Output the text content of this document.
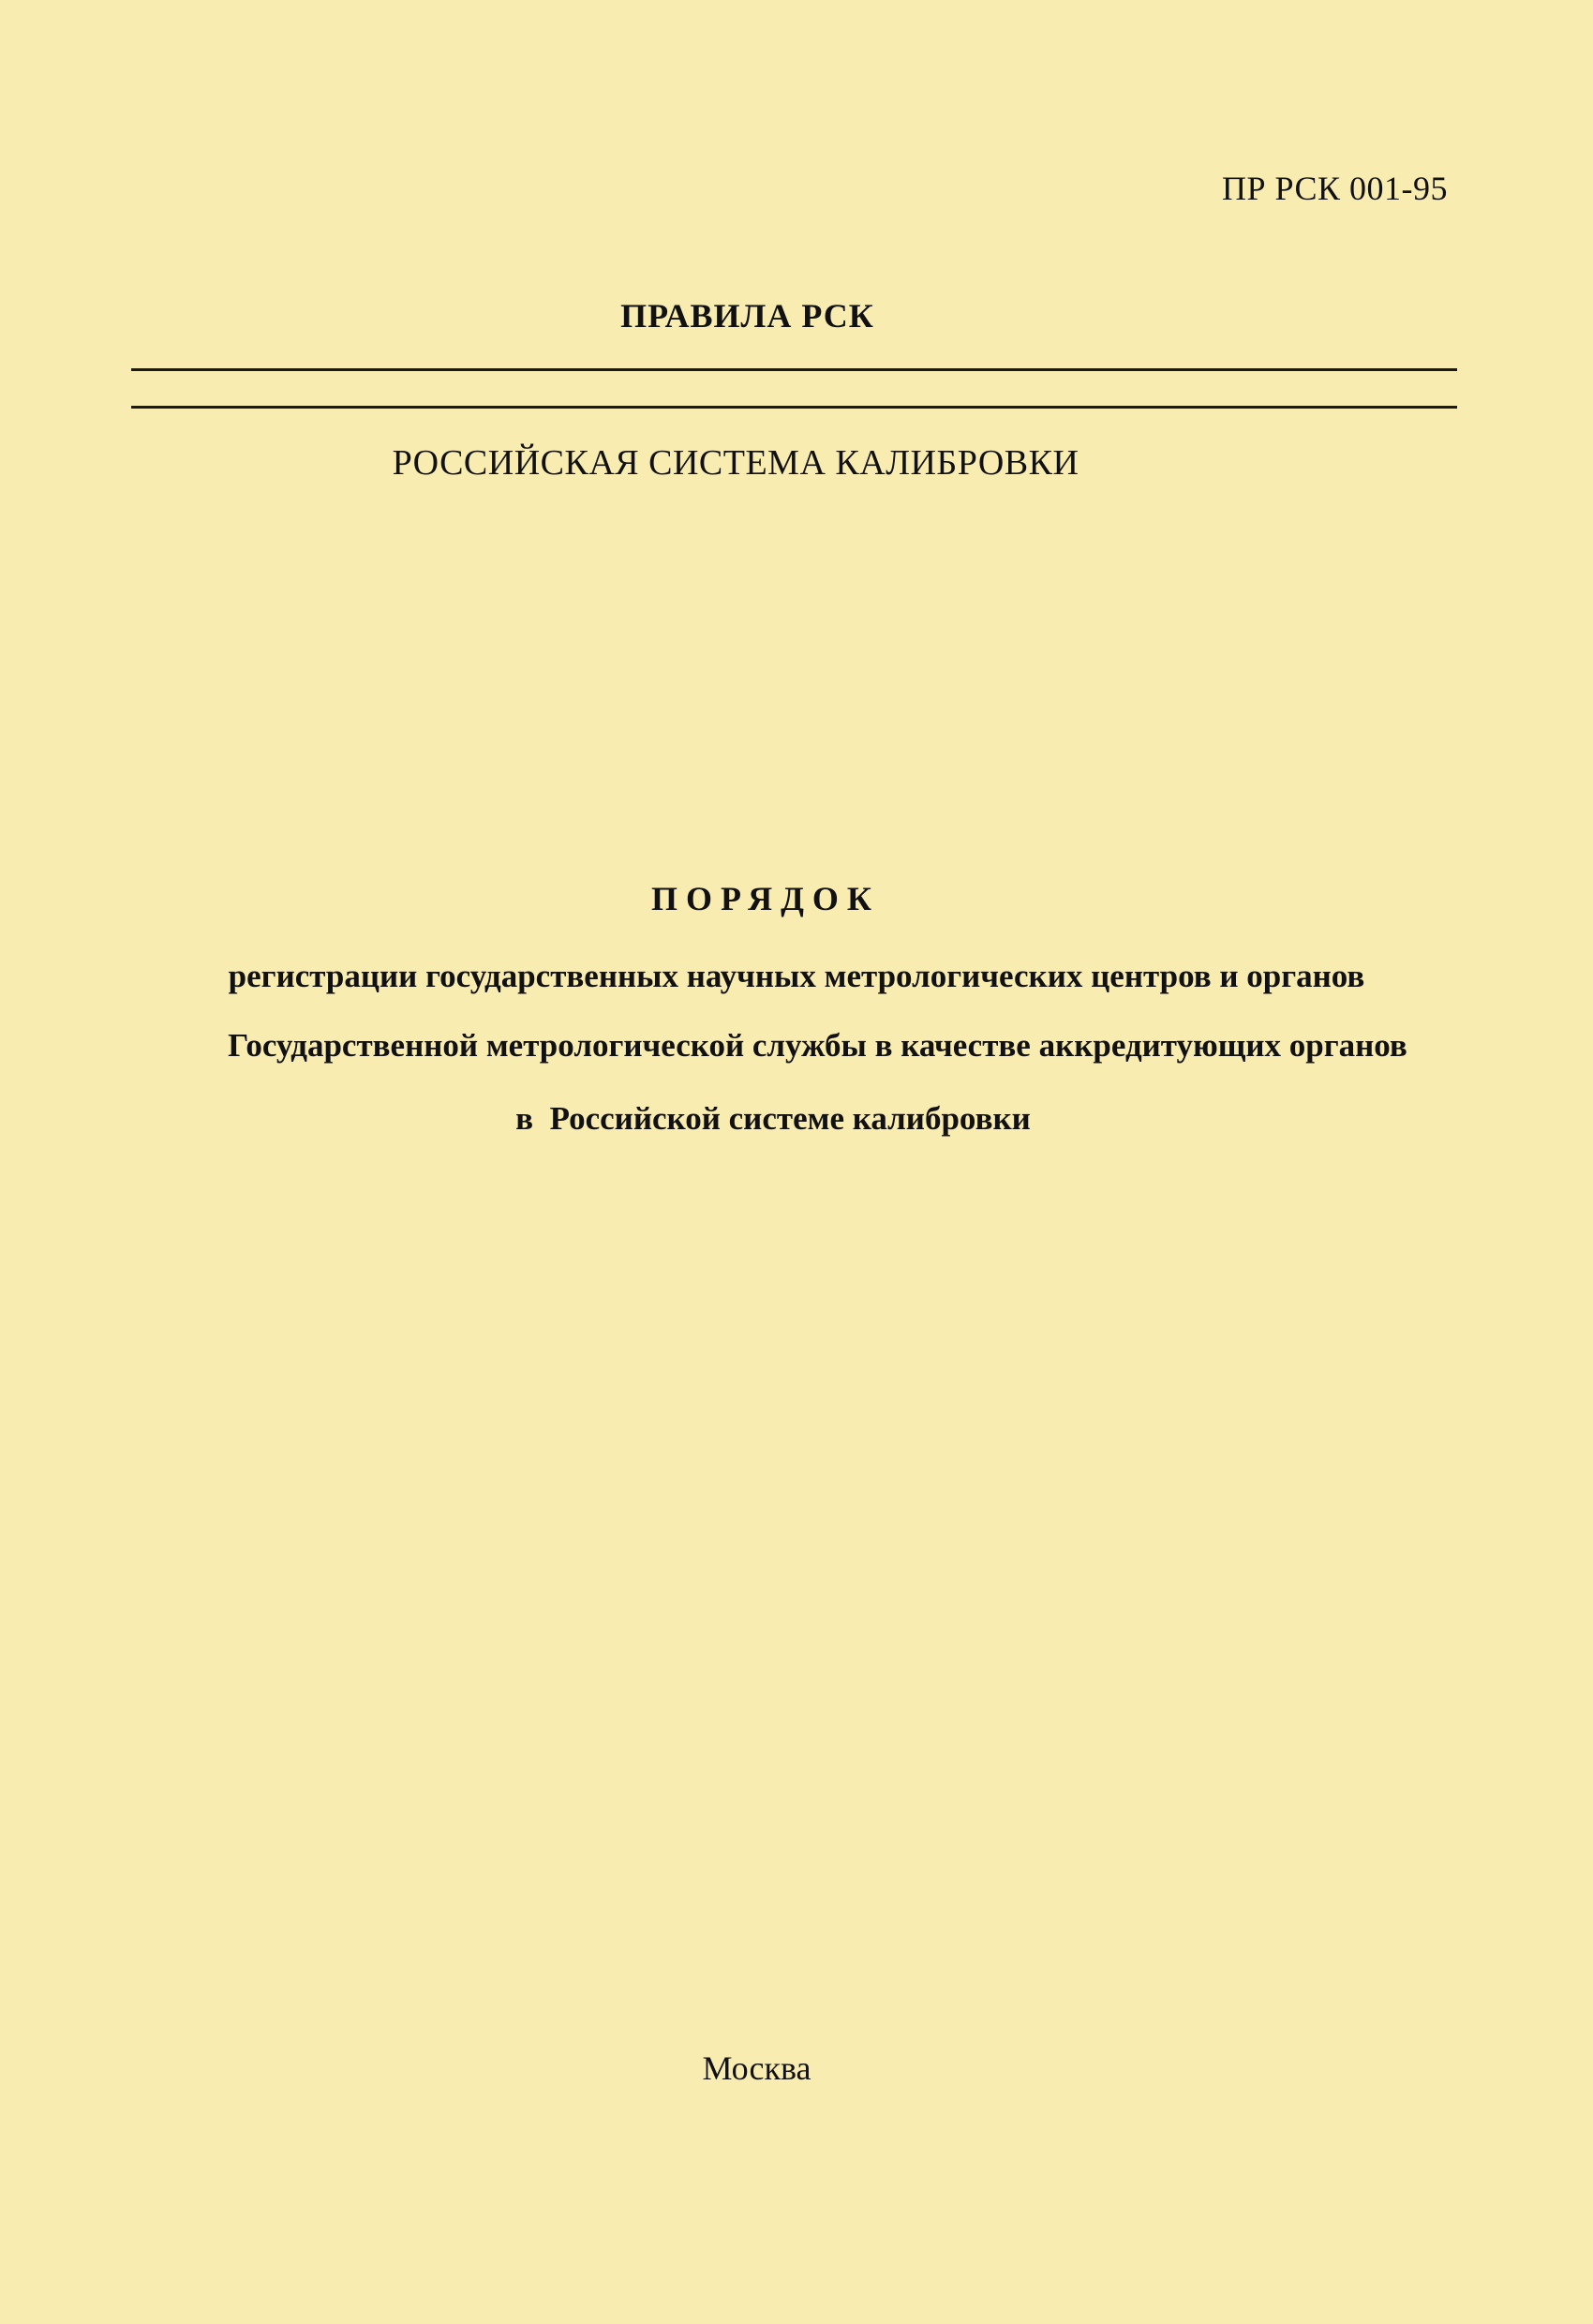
ПР РСК 001-95
ПРАВИЛА РСК
РОССИЙСКАЯ СИСТЕМА КАЛИБРОВКИ
ПОРЯДОК
регистрации государственных научных метрологических центров и органов
Государственной метрологической службы в качестве аккредитующих органов
в  Российской системе калибровки
Москва
